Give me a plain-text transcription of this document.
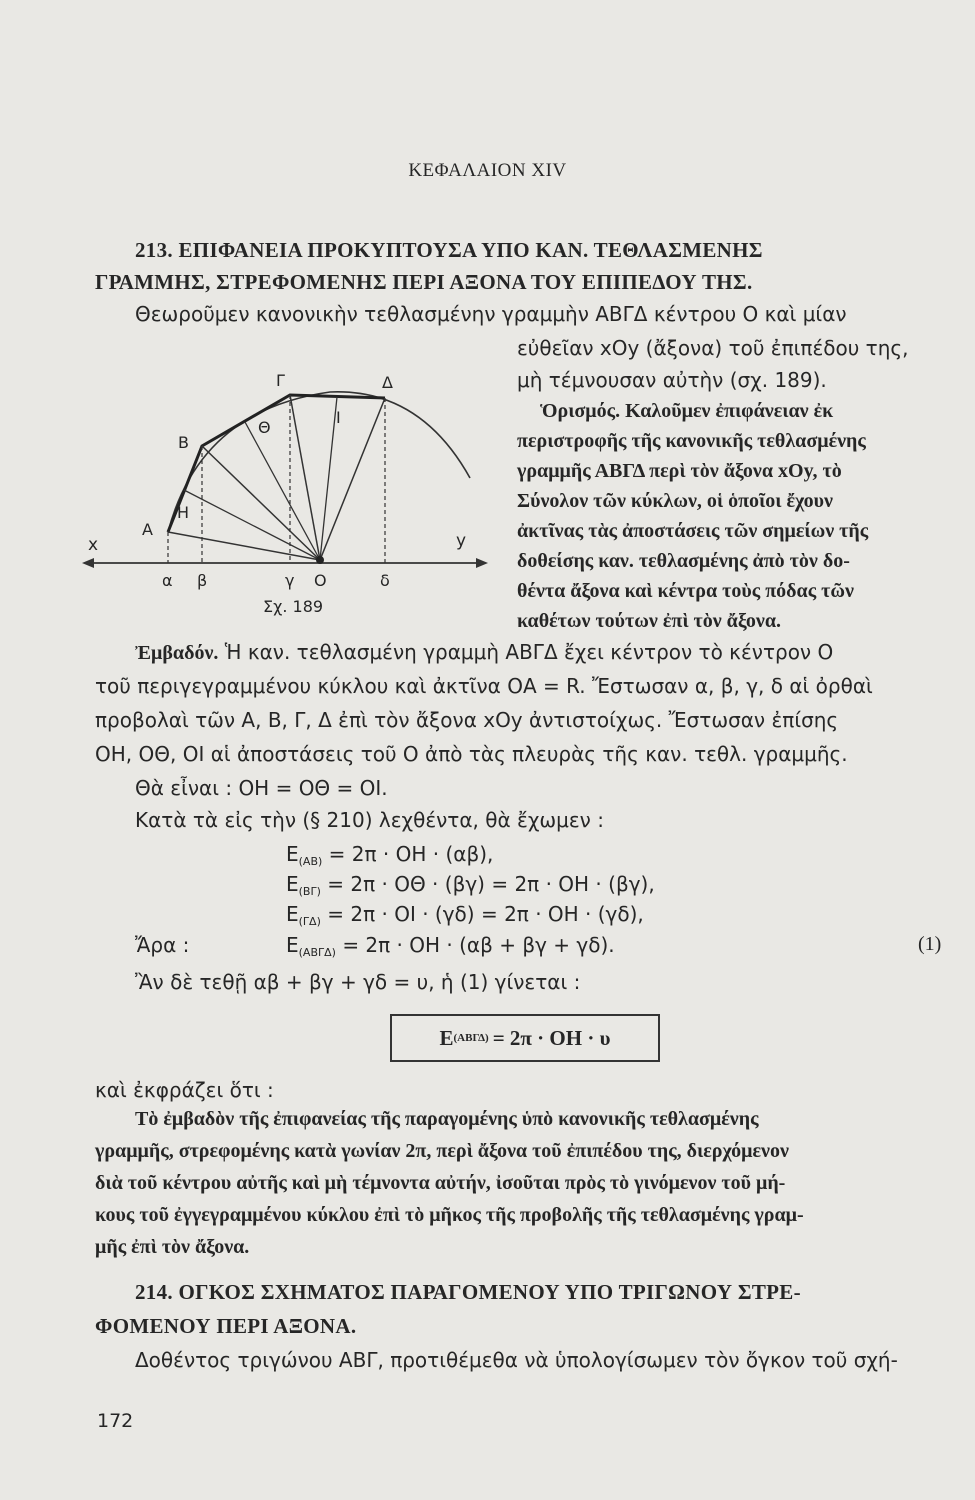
ΚΕΦΑΛΑΙΟΝ XIV
213. ΕΠΙΦΑΝΕΙΑ ΠΡΟΚΥΠΤΟΥΣΑ ΥΠΟ ΚΑΝ. ΤΕΘΛΑΣΜΕΝΗΣ
ΓΡΑΜΜΗΣ, ΣΤΡΕΦΟΜΕΝΗΣ ΠΕΡΙ ΑΞΟΝΑ ΤΟΥ ΕΠΙΠΕΔΟΥ ΤΗΣ.
Θεωροῦμεν κανονικὴν τεθλασμένην γραμμὴν ΑΒΓΔ κέντρου Ο καὶ μίαν
εὐθεῖαν xOy (ἄξονα) τοῦ ἐπιπέδου της,
μὴ τέμνουσαν αὐτὴν (σχ. 189).
Ὁρισμός. Καλοῦμεν ἐπιφάνειαν ἐκ
περιστροφῆς τῆς κανονικῆς τεθλασμένης
γραμμῆς ΑΒΓΔ περὶ τὸν ἄξονα xOy, τὸ
Σύνολον τῶν κύκλων, οἱ ὁποῖοι ἔχουν
ἀκτῖνας τὰς ἀποστάσεις τῶν σημείων τῆς
δοθείσης καν. τεθλασμένης ἀπὸ τὸν δο-
θέντα ἄξονα καὶ κέντρα τοὺς πόδας τῶν
καθέτων τούτων ἐπὶ τὸν ἄξονα.
Α
Β
Γ	Δ
Η
Θ
Ι
x	y
α β	γ Ο	δ
Σχ. 189
Ἐμβαδόν. Ἡ καν. τεθλασμένη γραμμὴ ΑΒΓΔ ἔχει κέντρον τὸ κέντρον Ο
τοῦ περιγεγραμμένου κύκλου καὶ ἀκτῖνα ΟΑ = R. Ἔστωσαν α, β, γ, δ αἱ ὀρθαὶ
προβολαὶ τῶν Α, Β, Γ, Δ ἐπὶ τὸν ἄξονα xOy ἀντιστοίχως. Ἔστωσαν ἐπίσης
ΟΗ, ΟΘ, ΟΙ αἱ ἀποστάσεις τοῦ Ο ἀπὸ τὰς πλευρὰς τῆς καν. τεθλ. γραμμῆς.
Θὰ εἶναι : ΟΗ = ΟΘ = ΟΙ.
Κατὰ τὰ εἰς τὴν (§ 210) λεχθέντα, θὰ ἔχωμεν :
$E_{(AB)} = 2\pi \cdot OH \cdot (\alpha\beta)$,
$E_{(B\Gamma)} = 2\pi \cdot O\Theta \cdot (\beta\gamma) = 2\pi \cdot OH \cdot (\beta\gamma)$,
$E_{(\Gamma\Delta)} = 2\pi \cdot OI \cdot (\gamma\delta) = 2\pi \cdot OH \cdot (\gamma\delta)$,
Ἄρα :	$E_{(AB\Gamma\Delta)} = 2\pi \cdot OH \cdot (\alpha\beta + \beta\gamma + \gamma\delta)$.	(1)
Ἂν δὲ τεθῇ αβ + βγ + γδ = υ, ἡ (1) γίνεται :
Ε (ΑΒΓΔ) = 2π · ΟΗ · υ
καὶ ἐκφράζει ὅτι :
Τὸ ἐμβαδὸν τῆς ἐπιφανείας τῆς παραγομένης ὑπὸ κανονικῆς τεθλασμένης
γραμμῆς, στρεφομένης κατὰ γωνίαν 2π, περὶ ἄξονα τοῦ ἐπιπέδου της, διερχόμενον
διὰ τοῦ κέντρου αὐτῆς καὶ μὴ τέμνοντα αὐτήν, ἰσοῦται πρὸς τὸ γινόμενον τοῦ μή-
κους τοῦ ἐγγεγραμμένου κύκλου ἐπὶ τὸ μῆκος τῆς προβολῆς τῆς τεθλασμένης γραμ-
μῆς ἐπὶ τὸν ἄξονα.
214. ΟΓΚΟΣ ΣΧΗΜΑΤΟΣ ΠΑΡΑΓΟΜΕΝΟΥ ΥΠΟ ΤΡΙΓΩΝΟΥ ΣΤΡΕ-
ΦΟΜΕΝΟΥ ΠΕΡΙ ΑΞΟΝΑ.
Δοθέντος τριγώνου ΑΒΓ, προτιθέμεθα νὰ ὑπολογίσωμεν τὸν ὄγκον τοῦ σχή-
172
